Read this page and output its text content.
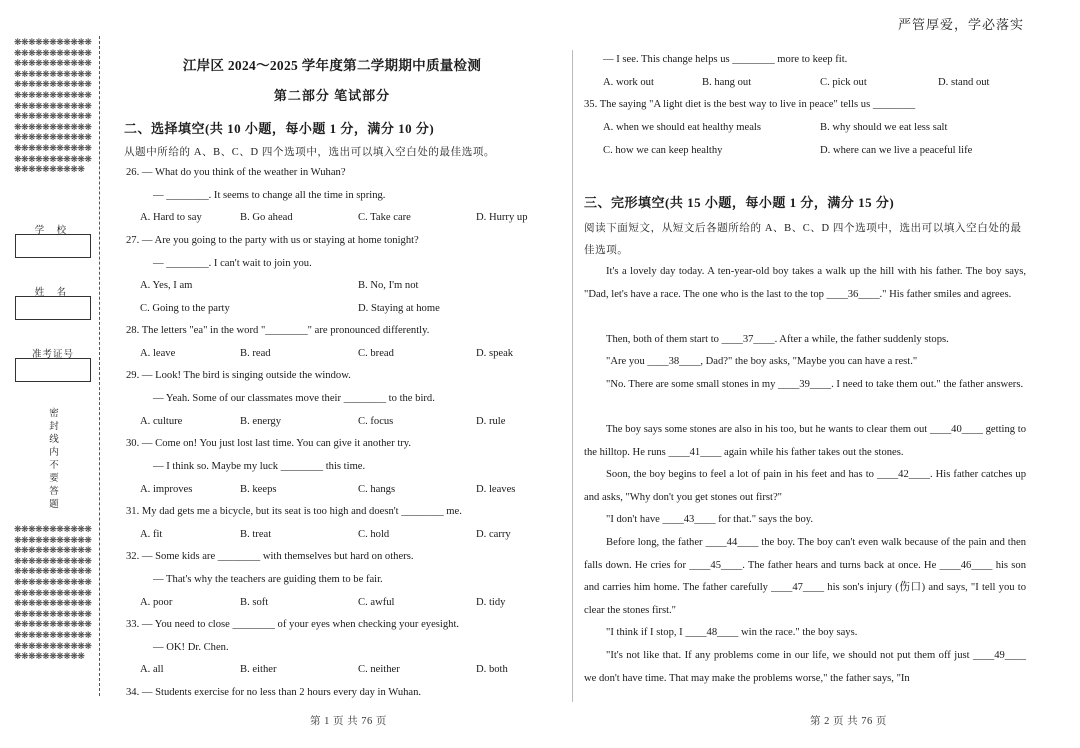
严管厚爱，学必落实
❋❋❋❋❋❋❋❋❋❋❋❋❋❋❋❋❋❋❋❋❋❋❋❋❋❋❋❋❋❋❋❋❋❋❋❋❋❋❋❋❋❋❋❋❋❋❋❋❋❋❋❋❋❋❋❋❋❋❋❋❋❋❋❋❋❋❋❋❋❋❋❋❋❋❋❋❋❋❋❋❋❋❋❋❋❋❋❋❋❋❋❋❋❋❋❋❋❋❋❋❋❋❋❋❋❋❋❋❋❋❋❋❋❋❋❋❋❋❋❋❋❋❋❋❋❋❋❋❋❋❋❋❋❋❋❋❋❋❋❋❋❋
学 校
姓 名
准考证号
密封线内不要答题
❋❋❋❋❋❋❋❋❋❋❋❋❋❋❋❋❋❋❋❋❋❋❋❋❋❋❋❋❋❋❋❋❋❋❋❋❋❋❋❋❋❋❋❋❋❋❋❋❋❋❋❋❋❋❋❋❋❋❋❋❋❋❋❋❋❋❋❋❋❋❋❋❋❋❋❋❋❋❋❋❋❋❋❋❋❋❋❋❋❋❋❋❋❋❋❋❋❋❋❋❋❋❋❋❋❋❋❋❋❋❋❋❋❋❋❋❋❋❋❋❋❋❋❋❋❋❋❋❋❋❋❋❋❋❋❋❋❋❋❋❋❋
江岸区 2024～2025 学年度第二学期期中质量检测
第二部分 笔试部分
二、选择填空(共 10 小题，每小题 1 分，满分 10 分)
从题中所给的 A、B、C、D 四个选项中，选出可以填入空白处的最佳选项。
26. — What do you think of the weather in Wuhan?
— ________. It seems to change all the time in spring.
A. Hard to say	B. Go ahead	C. Take care	D. Hurry up
27. — Are you going to the party with us or staying at home tonight?
— ________. I can't wait to join you.
A. Yes, I am	B. No, I'm not
C. Going to the party	D. Staying at home
28. The letters "ea" in the word "________" are pronounced differently.
A. leave	B. read	C. bread	D. speak
29. — Look! The bird is singing outside the window.
— Yeah. Some of our classmates move their ________ to the bird.
A. culture	B. energy	C. focus	D. rule
30. — Come on! You just lost last time. You can give it another try.
— I think so. Maybe my luck ________ this time.
A. improves	B. keeps	C. hangs	D. leaves
31. My dad gets me a bicycle, but its seat is too high and doesn't ________ me.
A. fit	B. treat	C. hold	D. carry
32. — Some kids are ________ with themselves but hard on others.
— That's why the teachers are guiding them to be fair.
A. poor	B. soft	C. awful	D. tidy
33. — You need to close ________ of your eyes when checking your eyesight.
— OK! Dr. Chen.
A. all	B. either	C. neither	D. both
34. — Students exercise for no less than 2 hours every day in Wuhan.
第 1 页 共 76 页
— I see. This change helps us ________ more to keep fit.
A. work out	B. hang out	C. pick out	D. stand out
35. The saying "A light diet is the best way to live in peace" tells us ________
A. when we should eat healthy meals	B. why should we eat less salt
C. how we can keep healthy	D. where can we live a peaceful life
三、完形填空(共 15 小题，每小题 1 分，满分 15 分)
阅读下面短文，从短文后各题所给的 A、B、C、D 四个选项中，选出可以填入空白处的最佳选项。
It's a lovely day today. A ten-year-old boy takes a walk up the hill with his father. The boy says, "Dad, let's have a race. The one who is the last to the top ____36____." His father smiles and agrees.
Then, both of them start to ____37____. After a while, the father suddenly stops.
"Are you ____38____, Dad?" the boy asks, "Maybe you can have a rest."
"No. There are some small stones in my ____39____. I need to take them out." the father answers.
The boy says some stones are also in his too, but he wants to clear them out ____40____ getting to the hilltop. He runs ____41____ again while his father takes out the stones.
Soon, the boy begins to feel a lot of pain in his feet and has to ____42____. His father catches up and asks, "Why don't you get stones out first?"
"I don't have ____43____ for that." says the boy.
Before long, the father ____44____ the boy. The boy can't even walk because of the pain and then falls down. He cries for ____45____. The father hears and turns back at once. He ____46____ his son and carries him home. The father carefully ____47____ his son's injury (伤口) and says, "I tell you to clear the stones first."
"I think if I stop, I ____48____ win the race." the boy says.
"It's not like that. If any problems come in our life, we should not put them off just ____49____ we don't have time. That may make the problems worse," the father says, "In
第 2 页 共 76 页
